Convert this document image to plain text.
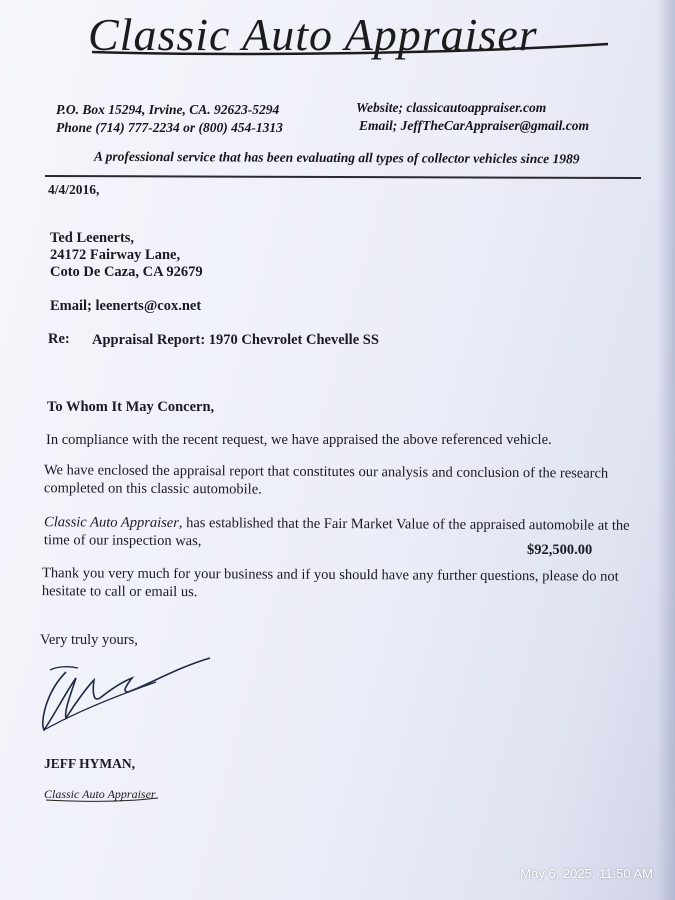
Classic Auto Appraiser
P.O. Box 15294, Irvine, CA. 92623-5294
Phone (714) 777-2234 or (800) 454-1313
Website; classicautoappraiser.com
Email; JeffTheCarAppraiser@gmail.com
A professional service that has been evaluating all types of collector vehicles since 1989
4/4/2016,
Ted Leenerts,
24172 Fairway Lane,
Coto De Caza, CA 92679
Email; leenerts@cox.net
Re: Appraisal Report: 1970 Chevrolet Chevelle SS
To Whom It May Concern,
In compliance with the recent request, we have appraised the above referenced vehicle.
We have enclosed the appraisal report that constitutes our analysis and conclusion of the research completed on this classic automobile.
Classic Auto Appraiser, has established that the Fair Market Value of the appraised automobile at the time of our inspection was,
$92,500.00
Thank you very much for your business and if you should have any further questions, please do not hesitate to call or email us.
Very truly yours,
JEFF HYMAN,
Classic Auto Appraiser
May 6, 2025, 11:50 AM
